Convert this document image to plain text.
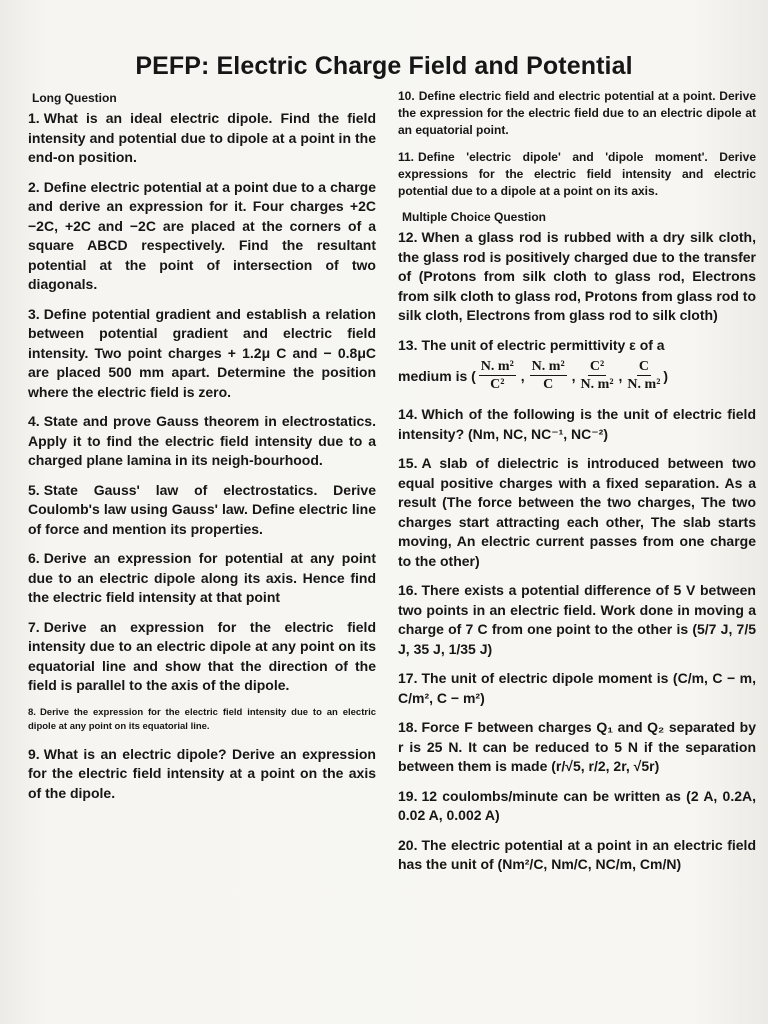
PEFP: Electric Charge Field and Potential
Long Question
1. What is an ideal electric dipole. Find the field intensity and potential due to dipole at a point in the end-on position.
2. Define electric potential at a point due to a charge and derive an expression for it. Four charges +2C −2C, +2C and −2C are placed at the corners of a square ABCD respectively. Find the resultant potential at the point of intersection of two diagonals.
3. Define potential gradient and establish a relation between potential gradient and electric field intensity. Two point charges + 1.2μ C and − 0.8μC are placed 500 mm apart. Determine the position where the electric field is zero.
4. State and prove Gauss theorem in electrostatics. Apply it to find the electric field intensity due to a charged plane lamina in its neigh-bourhood.
5. State Gauss' law of electrostatics. Derive Coulomb's law using Gauss' law. Define electric line of force and mention its properties.
6. Derive an expression for potential at any point due to an electric dipole along its axis. Hence find the electric field intensity at that point
7. Derive an expression for the electric field intensity due to an electric dipole at any point on its equatorial line and show that the direction of the field is parallel to the axis of the dipole.
8. Derive the expression for the electric field intensity due to an electric dipole at any point on its equatorial line.
9. What is an electric dipole? Derive an expression for the electric field intensity at a point on the axis of the dipole.
10. Define electric field and electric potential at a point. Derive the expression for the electric field due to an electric dipole at an equatorial point.
11. Define 'electric dipole' and 'dipole moment'. Derive expressions for the electric field intensity and electric potential due to a dipole at a point on its axis.
Multiple Choice Question
12. When a glass rod is rubbed with a dry silk cloth, the glass rod is positively charged due to the transfer of (Protons from silk cloth to glass rod, Electrons from silk cloth to glass rod, Protons from glass rod to silk cloth, Electrons from glass rod to silk cloth)
13. The unit of electric permittivity ε of a
medium is ( $\frac{\text{N. m²}}{\text{C²}}$ , $\frac{\text{N. m²}}{C}$ , $\frac{\text{C²}}{\text{N. m²}}$ , $\frac{C}{\text{N. m²}}$ )
14. Which of the following is the unit of electric field intensity? (Nm, NC, NC⁻¹, NC⁻²)
15. A slab of dielectric is introduced between two equal positive charges with a fixed separation. As a result (The force between the two charges, The two charges start attracting each other, The slab starts moving, An electric current passes from one charge to the other)
16. There exists a potential difference of 5 V between two points in an electric field. Work done in moving a charge of 7 C from one point to the other is (5/7 J, 7/5 J, 35 J, 1/35 J)
17. The unit of electric dipole moment is (C/m, C − m, C/m², C − m²)
18. Force F between charges Q₁ and Q₂ separated by r is 25 N. It can be reduced to 5 N if the separation between them is made (r/√5, r/2, 2r, √5r)
19. 12 coulombs/minute can be written as (2 A, 0.2A, 0.02 A, 0.002 A)
20. The electric potential at a point in an electric field has the unit of (Nm²/C, Nm/C, NC/m, Cm/N)
